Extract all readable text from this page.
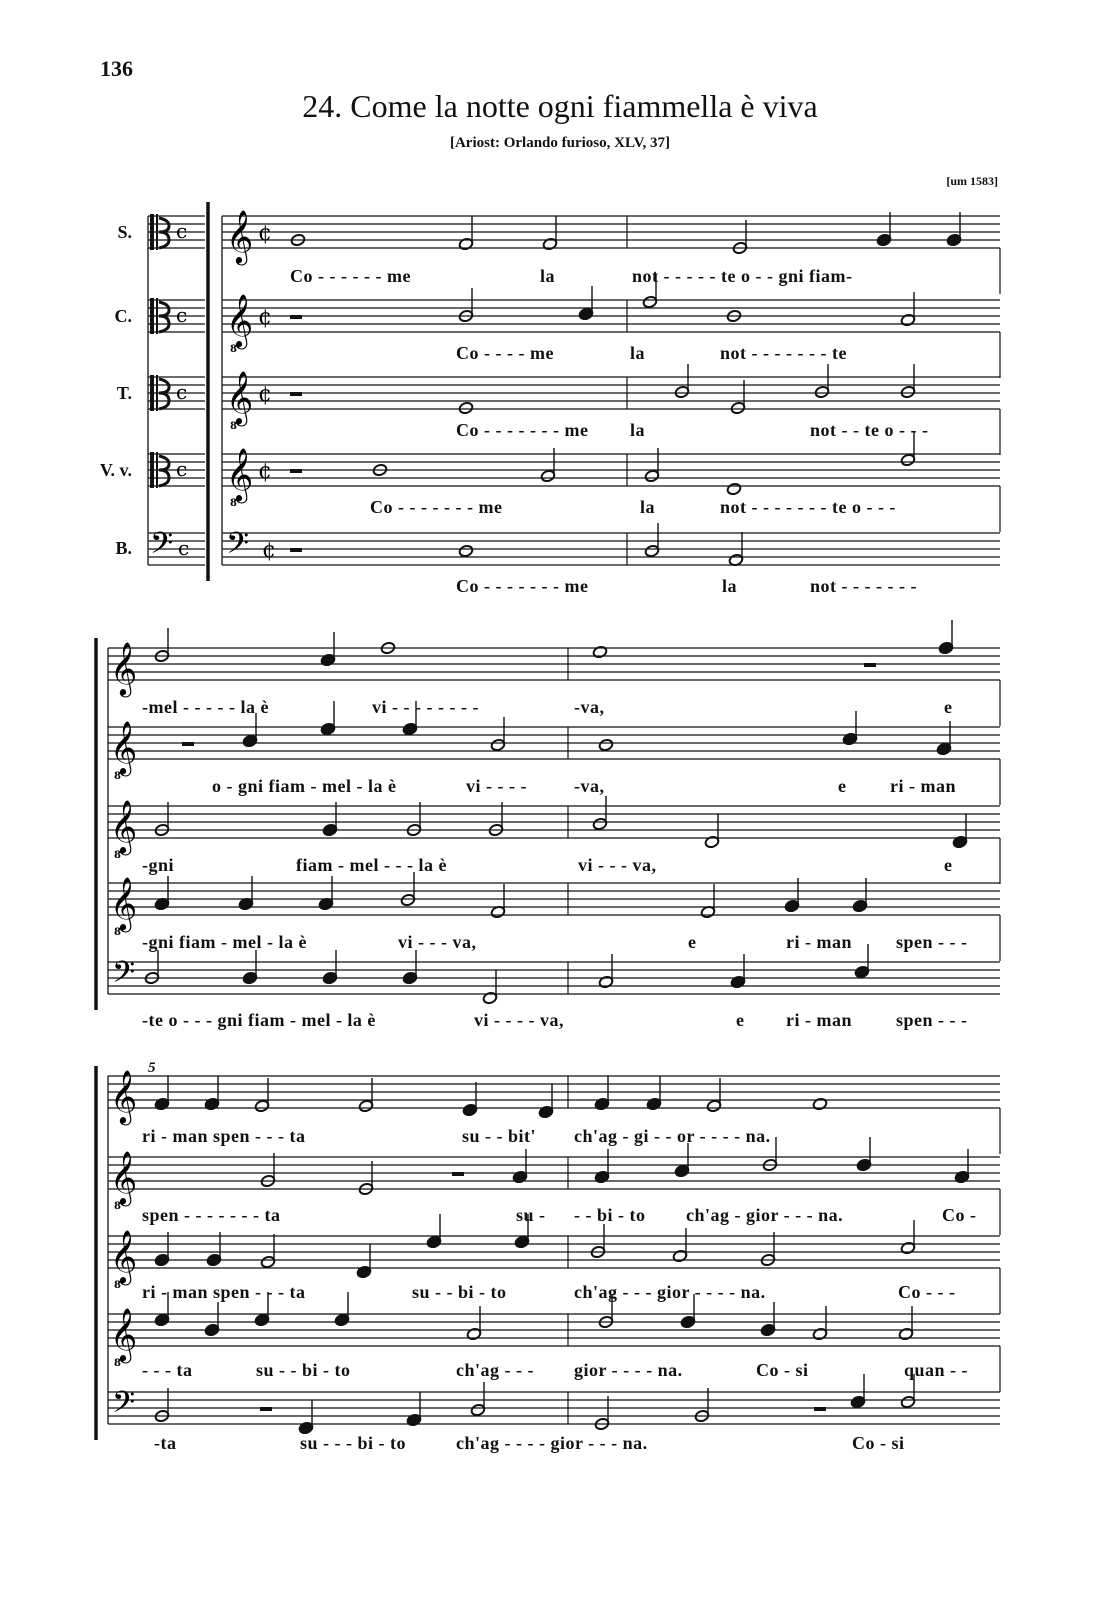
136
24. Come la notte ogni fiammella è viva
[Ariost: Orlando furioso, XLV, 37]
[um 1583]
S.
C.
T.
V. v.
B.
5
c
c
c
c
𝄢 c
𝄞 ¢
𝄞
8
¢
𝄞
8
¢
𝄞
8
¢
𝄢 ¢
𝄞
𝄞
8
𝄞
8
𝄞
8
𝄢
𝄞
𝄞
8
𝄞
8
𝄞
8
𝄢
Co - - - - - - me	la	not - - - - - te o - - gni fiam-
Co - - - - me	la	not - - - - - - - te
Co - - - - - - - me la	not - - te o - - -
Co - - - - - - - me	la	not - - - - - - - te o - - -
Co - - - - - - - me	la	not - - - - - - -
-mel - - - - - la è	vi - - - - - - - -	-va,	e
o - gni fiam - mel - la è	vi - - - -	-va,	e ri - man
-gni	fiam - mel - - - la è	vi - - - va,	e
-gni fiam - mel - la è	vi - - - va,	e	ri - man spen - - -
-te o - - - gni fiam - mel - la è	vi - - - - va,	e ri - man spen - - -
ri - man spen - - - ta	su - - bit' ch'ag - gi - - or - - - - na.
spen - - - - - - - ta	su - - - bi - to ch'ag - gior - - - na.	Co -
ri - man spen - - - ta	su - - bi - to	ch'ag - - - gior - - - - na.	Co - - -
- - - ta	su - - bi - to	ch'ag - - - gior - - - - na.	Co - si	quan - -
-ta	su - - - bi - to	ch'ag - - - - gior - - - na.	Co - si
